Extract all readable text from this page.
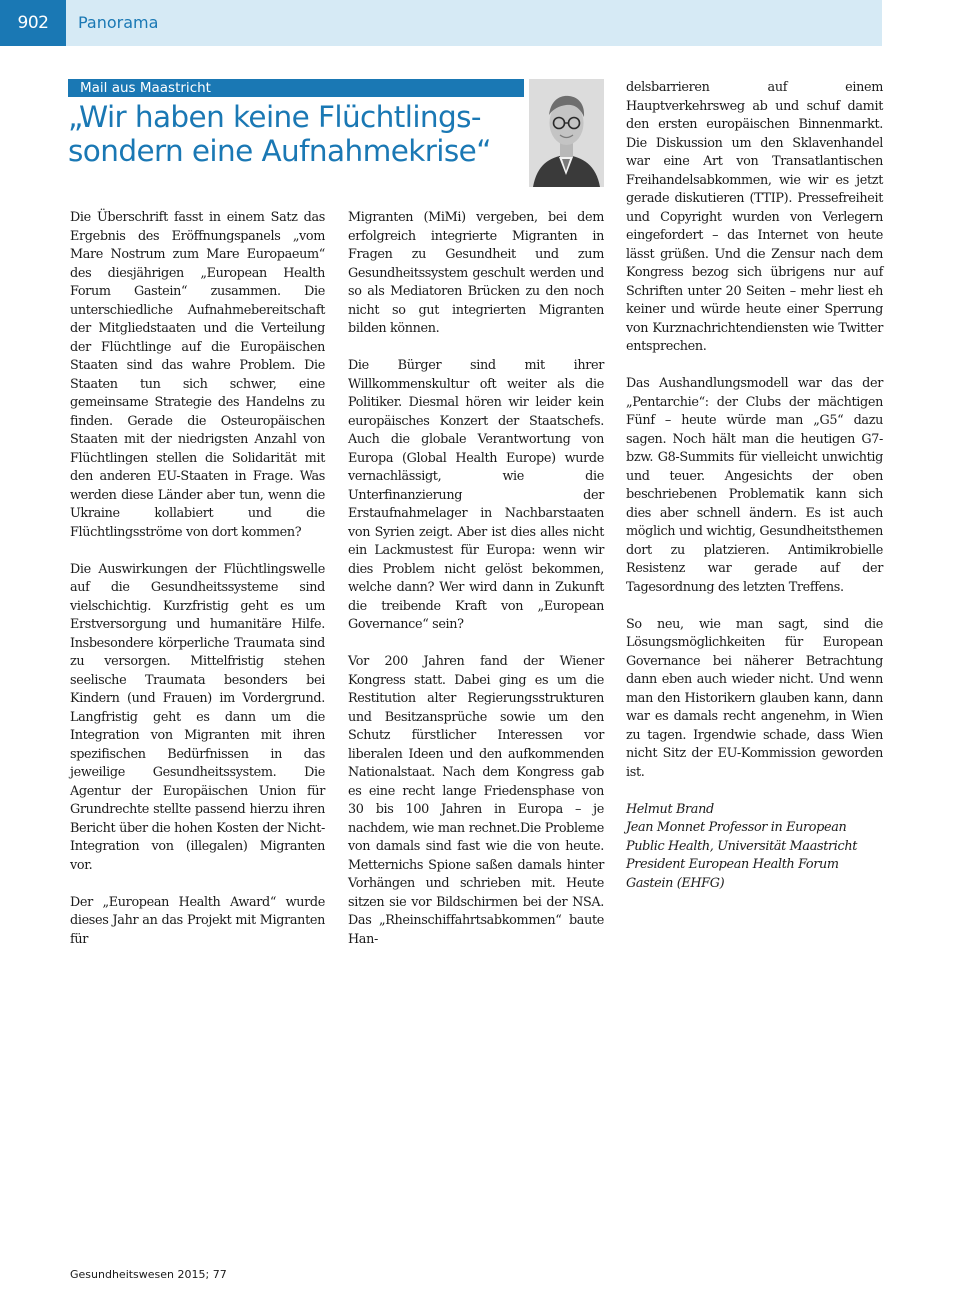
902	Panorama
Mail aus Maastricht
„Wir haben keine Flüchtlingssondern eine Aufnahmekrise“

Die Überschrift fasst in einem Satz das Ergebnis des Eröffnungspanels „vom Mare Nostrum zum Mare Europaeum“ des diesjährigen „European Health Forum Gastein“ zusammen. Die unterschiedliche Aufnahmebereitschaft der Mitgliedstaaten und die Verteilung der Flüchtlinge auf die Europäischen Staaten sind das wahre Problem. Die Staaten tun sich schwer, eine gemeinsame Strategie des Handelns zu finden. Gerade die Osteuropäischen Staaten mit der niedrigsten Anzahl von Flüchtlingen stellen die Solidarität mit den anderen EU-Staaten in Frage. Was werden diese Länder aber tun, wenn die Ukraine kollabiert und die Flüchtlingsströme von dort kommen?

Die Auswirkungen der Flüchtlingswelle auf die Gesundheitssysteme sind vielschichtig. Kurzfristig geht es um Erstversorgung und humanitäre Hilfe. Insbesondere körperliche Traumata sind zu versorgen. Mittelfristig stehen seelische Traumata besonders bei Kindern (und Frauen) im Vordergrund. Langfristig geht es dann um die Integration von Migranten mit ihren spezifischen Bedürfnissen in das jeweilige Gesundheitssystem. Die Agentur der Europäischen Union für Grundrechte stellte passend hierzu ihren Bericht über die hohen Kosten der Nicht-Integration von (illegalen) Migranten vor.

Der „European Health Award“ wurde dieses Jahr an das Projekt mit Migranten für

Migranten (MiMi) vergeben, bei dem erfolgreich integrierte Migranten in Fragen zu Gesundheit und zum Gesundheitssystem geschult werden und so als Mediatoren Brücken zu den noch nicht so gut integrierten Migranten bilden können.

Die Bürger sind mit ihrer Willkommenskultur oft weiter als die Politiker. Diesmal hören wir leider kein europäisches Konzert der Staatschefs. Auch die globale Verantwortung von Europa (Global Health Europe) wurde vernachlässigt, wie die Unterfinanzierung der Erstaufnahmelager in Nachbarstaaten von Syrien zeigt. Aber ist dies alles nicht ein Lackmustest für Europa: wenn wir dies Problem nicht gelöst bekommen, welche dann? Wer wird dann in Zukunft die treibende Kraft von „European Governance“ sein?

Vor 200 Jahren fand der Wiener Kongress statt. Dabei ging es um die Restitution alter Regierungsstrukturen und Besitzansprüche sowie um den Schutz fürstlicher Interessen vor liberalen Ideen und den aufkommenden Nationalstaat. Nach dem Kongress gab es eine recht lange Friedensphase von 30 bis 100 Jahren in Europa – je nachdem, wie man rechnet.Die Probleme von damals sind fast wie die von heute. Metternichs Spione saßen damals hinter Vorhängen und schrieben mit. Heute sitzen sie vor Bildschirmen bei der NSA. Das „Rheinschiffahrtsabkommen“ baute Han-

delsbarrieren auf einem Hauptverkehrsweg ab und schuf damit den ersten europäischen Binnenmarkt. Die Diskussion um den Sklavenhandel war eine Art von Transatlantischen Freihandelsabkommen, wie wir es jetzt gerade diskutieren (TTIP). Pressefreiheit und Copyright wurden von Verlegern eingefordert – das Internet von heute lässt grüßen. Und die Zensur nach dem Kongress bezog sich übrigens nur auf Schriften unter 20 Seiten – mehr liest eh keiner und würde heute einer Sperrung von Kurznachrichtendiensten wie Twitter entsprechen.

Das Aushandlungsmodell war das der „Pentarchie“: der Clubs der mächtigen Fünf – heute würde man „G5“ dazu sagen. Noch hält man die heutigen G7- bzw. G8-Summits für vielleicht unwichtig und teuer. Angesichts der oben beschriebenen Problematik kann sich dies aber schnell ändern. Es ist auch möglich und wichtig, Gesundheitsthemen dort zu platzieren. Antimikrobielle Resistenz war gerade auf der Tagesordnung des letzten Treffens.

So neu, wie man sagt, sind die Lösungsmöglichkeiten für European Governance bei näherer Betrachtung dann eben auch wieder nicht. Und wenn man den Historikern glauben kann, dann war es damals recht angenehm, in Wien zu tagen. Irgendwie schade, dass Wien nicht Sitz der EU-Kommission geworden ist.

Helmut Brand

Jean Monnet Professor in European Public Health, Universität Maastricht

President European Health Forum Gastein (EHFG)

Gesundheitswesen 2015; 77
